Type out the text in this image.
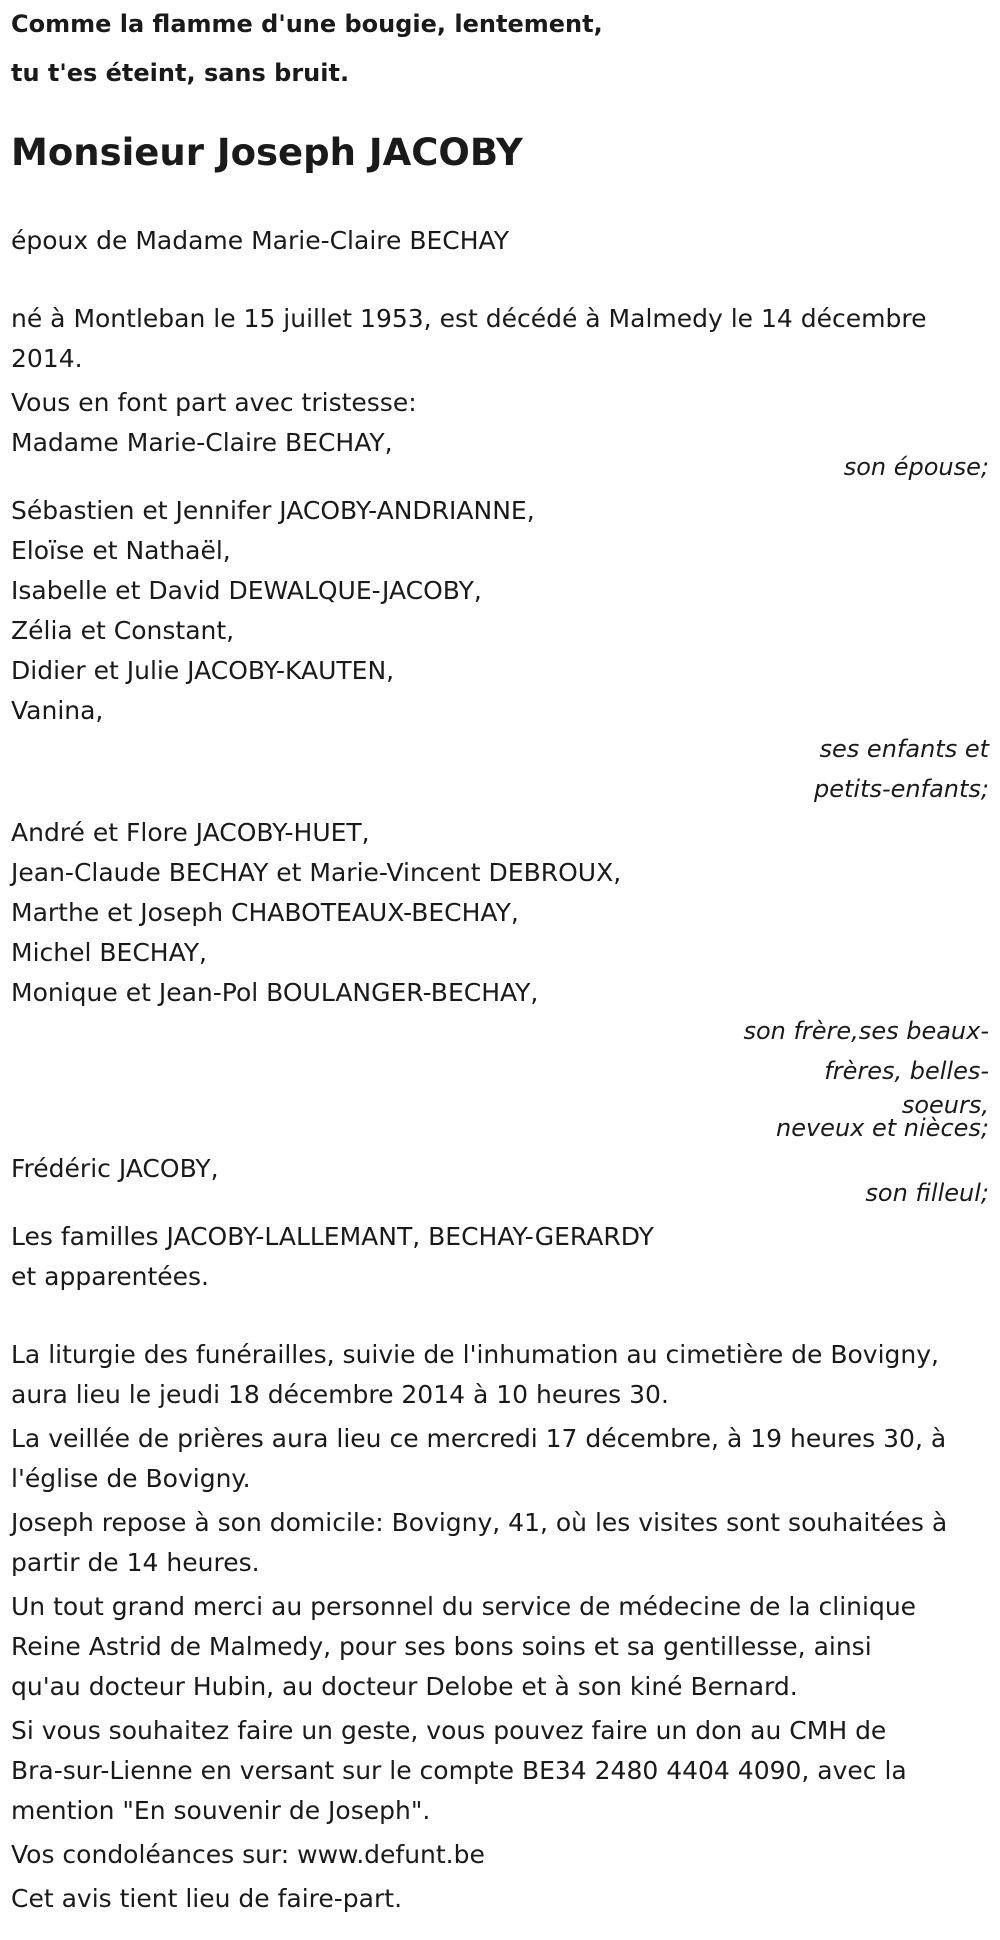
Comme la flamme d'une bougie, lentement,
tu t'es éteint, sans bruit.
Monsieur Joseph JACOBY
époux de Madame Marie-Claire BECHAY
né à Montleban le 15 juillet 1953, est décédé à Malmedy le 14 décembre
2014.
Vous en font part avec tristesse:
Madame Marie-Claire BECHAY,
son épouse;
Sébastien et Jennifer JACOBY-ANDRIANNE,
Eloïse et Nathaël,
Isabelle et David DEWALQUE-JACOBY,
Zélia et Constant,
Didier et Julie JACOBY-KAUTEN,
Vanina,
ses enfants et
petits-enfants;
André et Flore JACOBY-HUET,
Jean-Claude BECHAY et Marie-Vincent DEBROUX,
Marthe et Joseph CHABOTEAUX-BECHAY,
Michel BECHAY,
Monique et Jean-Pol BOULANGER-BECHAY,
son frère,ses beaux-
frères, belles-
soeurs,
neveux et nièces;
Frédéric JACOBY,
son filleul;
Les familles JACOBY-LALLEMANT, BECHAY-GERARDY
et apparentées.
La liturgie des funérailles, suivie de l'inhumation au cimetière de Bovigny,
aura lieu le jeudi 18 décembre 2014 à 10 heures 30.
La veillée de prières aura lieu ce mercredi 17 décembre, à 19 heures 30, à
l'église de Bovigny.
Joseph repose à son domicile: Bovigny, 41, où les visites sont souhaitées à
partir de 14 heures.
Un tout grand merci au personnel du service de médecine de la clinique
Reine Astrid de Malmedy, pour ses bons soins et sa gentillesse, ainsi
qu'au docteur Hubin, au docteur Delobe et à son kiné Bernard.
Si vous souhaitez faire un geste, vous pouvez faire un don au CMH de
Bra-sur-Lienne en versant sur le compte BE34 2480 4404 4090, avec la
mention "En souvenir de Joseph".
Vos condoléances sur: www.defunt.be
Cet avis tient lieu de faire-part.
